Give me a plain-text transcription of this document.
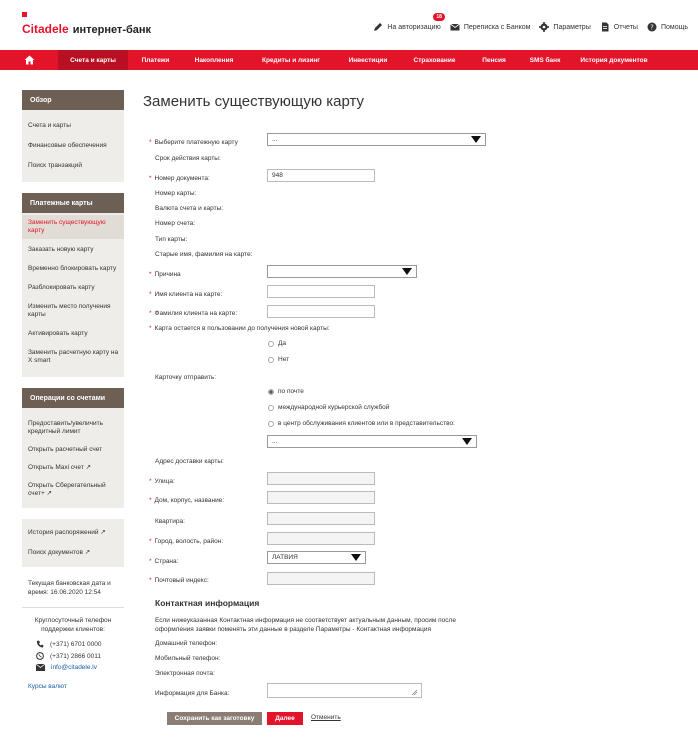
Citadele интернет-банк	На авторизацию
18
Переписка с Банком	Параметры	Отчеты ? Помощь
Счета и карты	Платежи	Накопления	Кредиты и лизинг	Инвестиции	Страхование	Пенсия	SMS банк	История документов
Обзор
Счета и карты
Финансовые обеспечения
Поиск транзакций
Платежные карты
Заменить существующую карту
Заказать новую карту
Временно блокировать карту
Разблокировать карту
Изменить место получения карты
Активировать карту
Заменить расчетную карту на X smart
Операции со счетами
Предоставить/увеличить кредитный лимит
Открыть расчетный счет
Открыть Maxi счет ↗
Открыть Сберегательный счет+ ↗
История распоряжений ↗
Поиск документов ↗
Текущая банковская дата и время: 16.06.2020 12:54
Круглосуточный телефон поддержки клиентов:
(+371) 6701 0000
(+371) 2866 0011
info@citadele.lv
Курсы валют
Заменить существующую карту
* Выберите платежную карту	...
Срок действия карты:
* Номер документа:	948
Номер карты:
Валюта счета и карты:
Номер счета:
Тип карты:
Старые имя, фамилия на карте:
* Причина
* Имя клиента на карте:
* Фамилия клиента на карте:
* Карта остается в пользовании до получения новой карты:
Да
Нет
Карточку отправить:
по почте
международной курьерской службой
в центр обслуживания клиентов или в представительство:
...
Адрес доставки карты:
* Улица:
* Дом, корпус, название:
Квартира:
* Город, волость, район:
* Страна:
ЛАТВИЯ
* Почтовый индекс:
Контактная информация
Если нижеуказанная Контактная информация не соответствует актуальным данным, просим после оформления заявки поменять эти данные в разделе Параметры - Контактная информация
Домашний телефон:
Мобильный телефон:
Электронная почта:
Информация для Банка:
Сохранить как заготовку	Далее	Отменить
